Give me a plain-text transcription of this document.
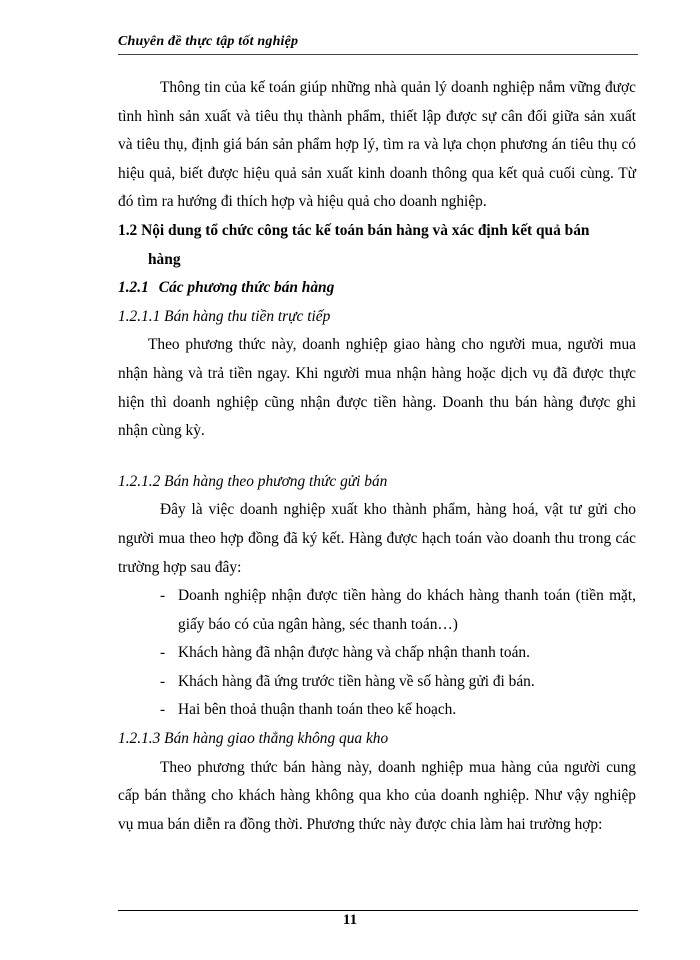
Chuyên đề thực tập tốt nghiệp

Thông tin của kế toán giúp những nhà quản lý doanh nghiệp nắm vững được tình hình sản xuất và tiêu thụ thành phẩm, thiết lập được sự cân đối giữa sản xuất và tiêu thụ, định giá bán sản phẩm hợp lý, tìm ra và lựa chọn phương án tiêu thụ có hiệu quả, biết được hiệu quả sản xuất kinh doanh thông qua kết quả cuối cùng. Từ đó tìm ra hướng đi thích hợp và hiệu quả cho doanh nghiệp.

1.2 Nội dung tổ chức công tác kế toán bán hàng và xác định kết quả bán
hàng
1.2.1 Các phương thức bán hàng
1.2.1.1 Bán hàng thu tiền trực tiếp

Theo phương thức này, doanh nghiệp giao hàng cho người mua, người mua nhận hàng và trả tiền ngay. Khi người mua nhận hàng hoặc dịch vụ đã được thực hiện thì doanh nghiệp cũng nhận được tiền hàng. Doanh thu bán hàng được ghi nhận cùng kỳ.

1.2.1.2 Bán hàng theo phương thức gửi bán

Đây là việc doanh nghiệp xuất kho thành phẩm, hàng hoá, vật tư gửi cho người mua theo hợp đồng đã ký kết. Hàng được hạch toán vào doanh thu trong các trường hợp sau đây:

- Doanh nghiệp nhận được tiền hàng do khách hàng thanh toán (tiền mặt, giấy báo có của ngân hàng, séc thanh toán…)
- Khách hàng đã nhận được hàng và chấp nhận thanh toán.
- Khách hàng đã ứng trước tiền hàng về số hàng gửi đi bán.
- Hai bên thoả thuận thanh toán theo kế hoạch.
1.2.1.3 Bán hàng giao thẳng không qua kho

Theo phương thức bán hàng này, doanh nghiệp mua hàng của người cung cấp bán thẳng cho khách hàng không qua kho của doanh nghiệp. Như vậy nghiệp vụ mua bán diễn ra đồng thời. Phương thức này được chia làm hai trường hợp:

11
